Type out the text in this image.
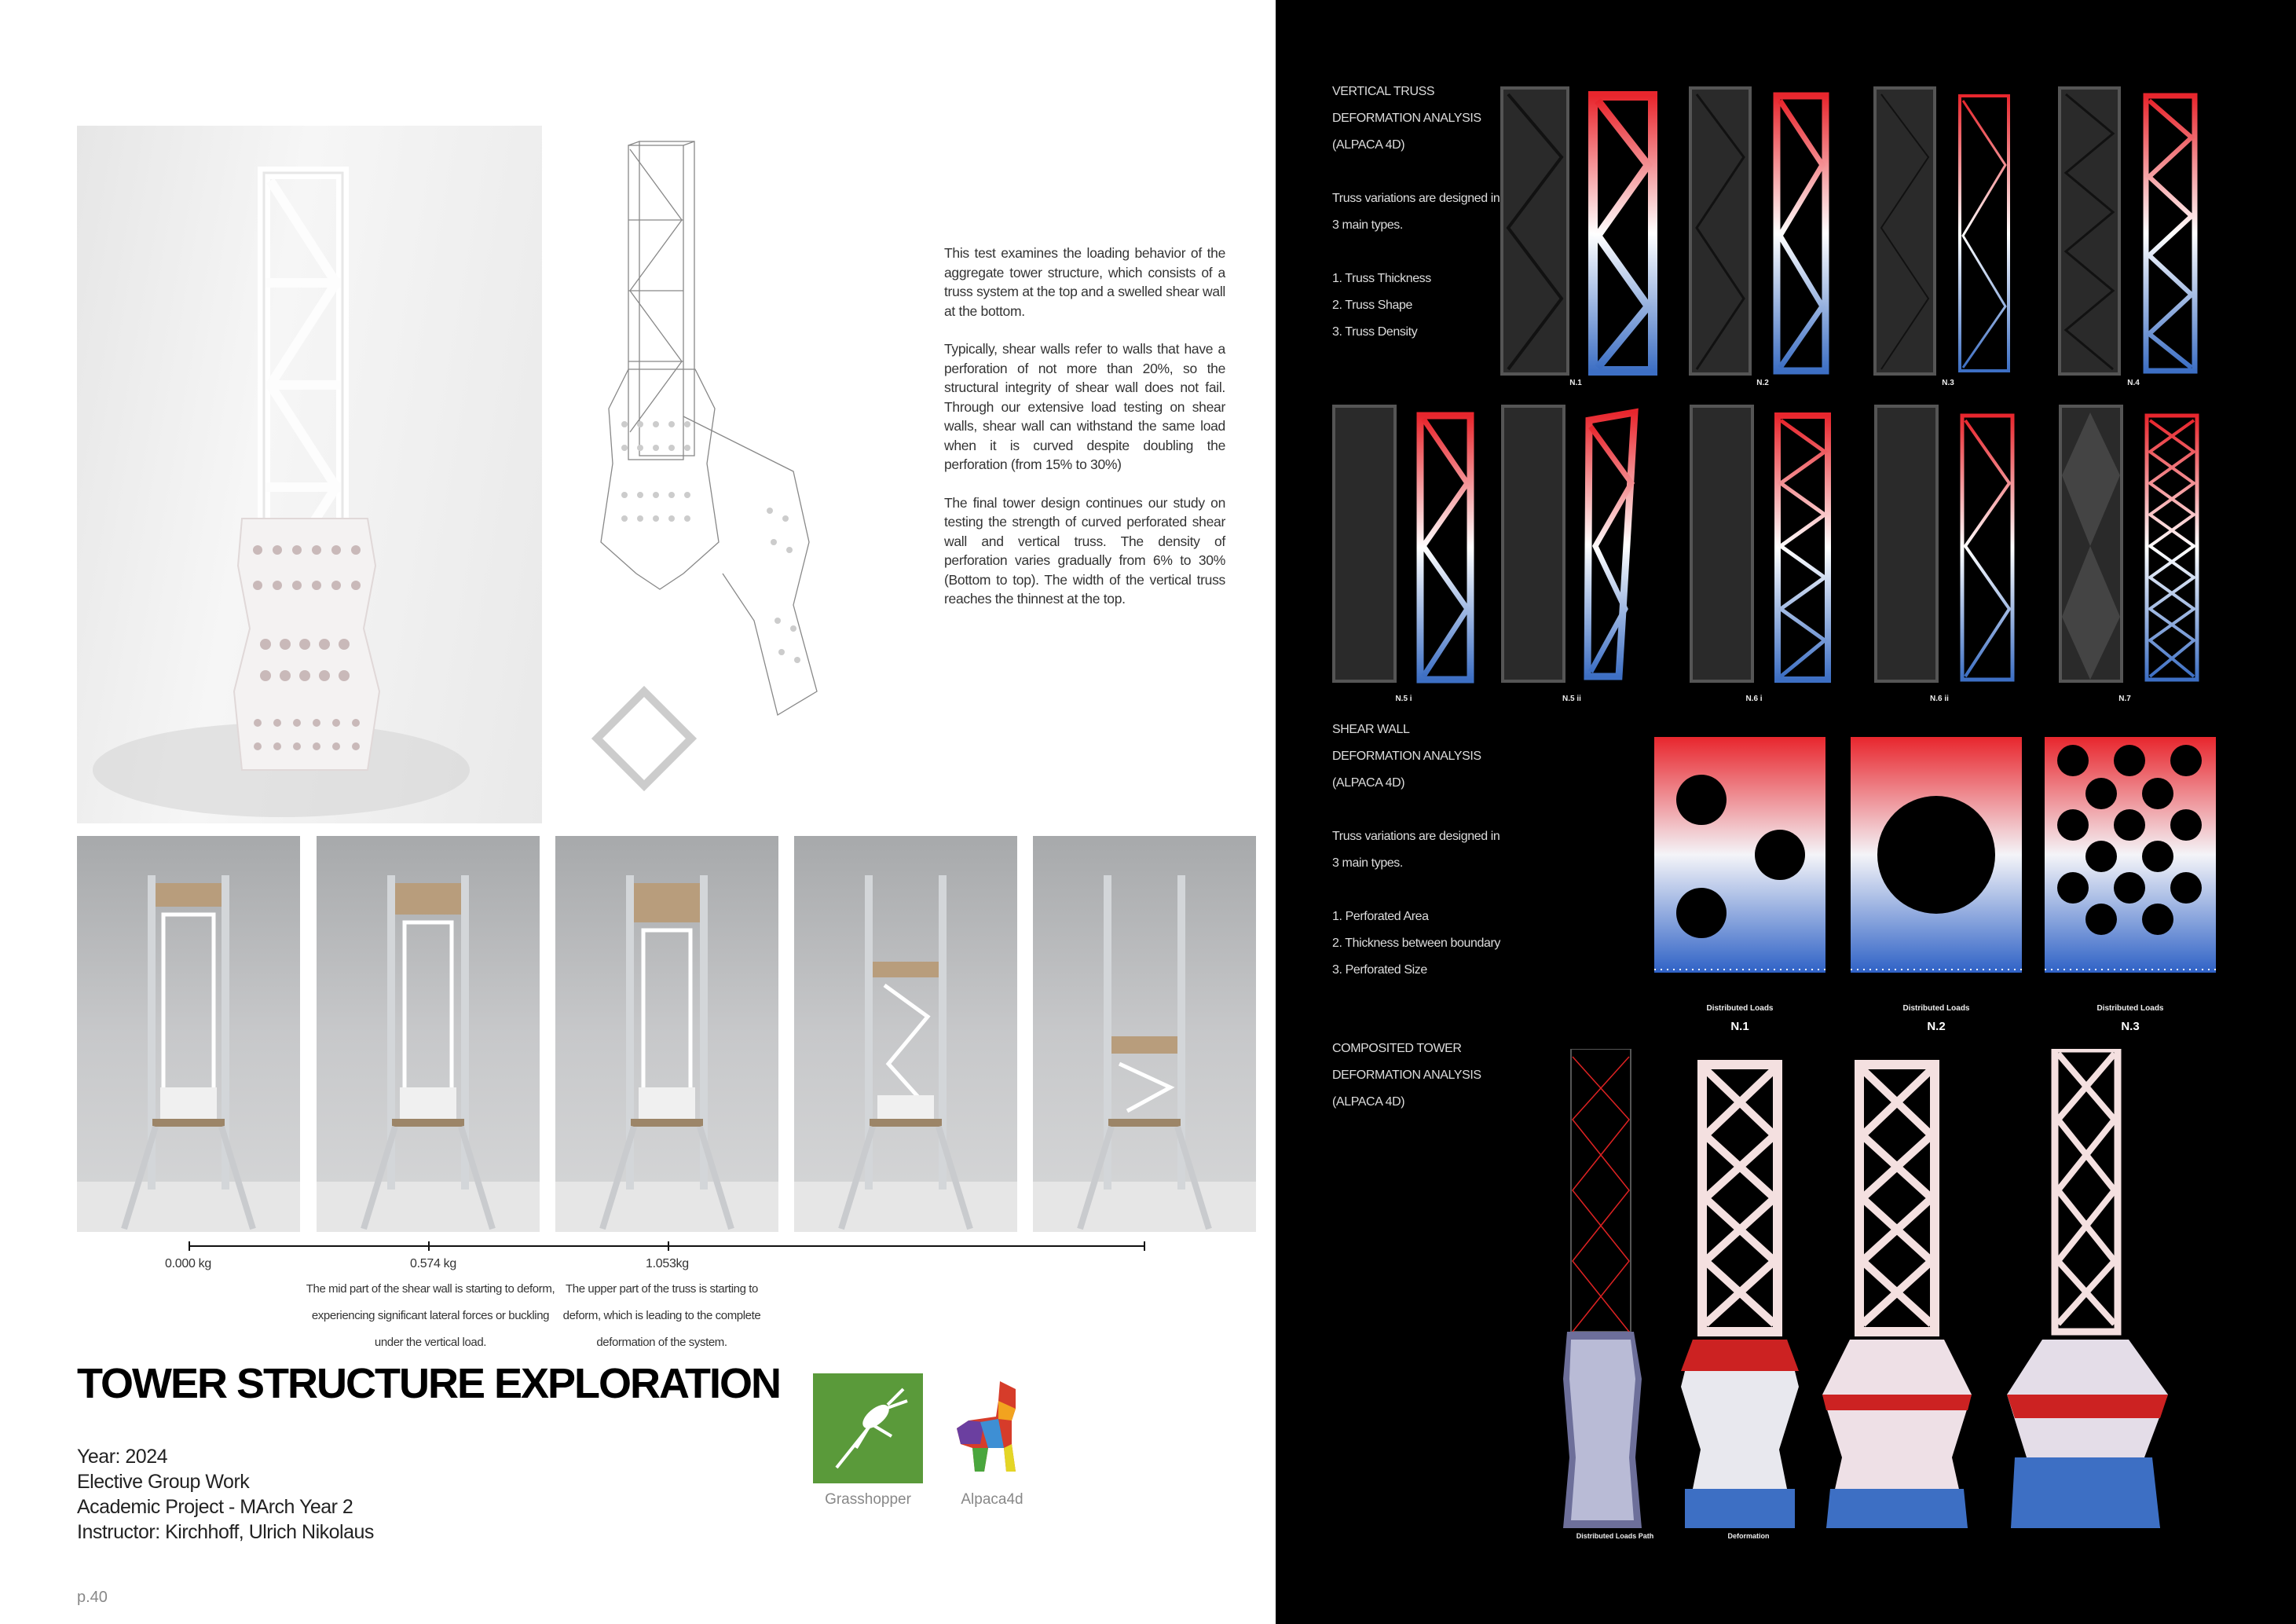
This test examines the loading behavior of the aggregate tower structure, which consists of a truss system at the top and a swelled shear wall at the bottom.

Typically, shear walls refer to walls that have a perforation of not more than 20%, so the structural integrity of shear wall does not fail. Through our extensive load testing on shear walls, shear wall can withstand the same load when it is curved despite doubling the perforation (from 15% to 30%)

The final tower design continues our study on testing the strength of curved perforated shear wall and vertical truss. The density of perforation varies gradually from 6% to 30% (Bottom to top). The width of the vertical truss reaches the thinnest at the top.

0.000 kg	0.574 kg	1.053kg
The mid part of the shear wall is starting to deform, experiencing significant lateral forces or buckling under the vertical load.
The upper part of the truss is starting to deform, which is leading to the complete deformation of the system.
TOWER STRUCTURE EXPLORATION
Year: 2024
Elective Group Work
Academic Project - MArch Year 2
Instructor: Kirchhoff, Ulrich Nikolaus
Grasshopper	Alpaca4d
p.40
VERTICAL TRUSS
DEFORMATION ANALYSIS
(ALPACA 4D)
Truss variations are designed in
3 main types.
1. Truss Thickness
2. Truss Shape
3. Truss Density
N.1	N.2	N.3	N.4
N.5 i	N.5 ii	N.6 i	N.6 ii	N.7
SHEAR WALL
DEFORMATION ANALYSIS
(ALPACA 4D)
Truss variations are designed in
3 main types.
1. Perforated Area
2. Thickness between boundary
3. Perforated Size
Distributed Loads	Distributed Loads	Distributed Loads
N.1	N.2	N.3
COMPOSITED TOWER
DEFORMATION ANALYSIS
(ALPACA 4D)
Distributed Loads Path	Deformation
